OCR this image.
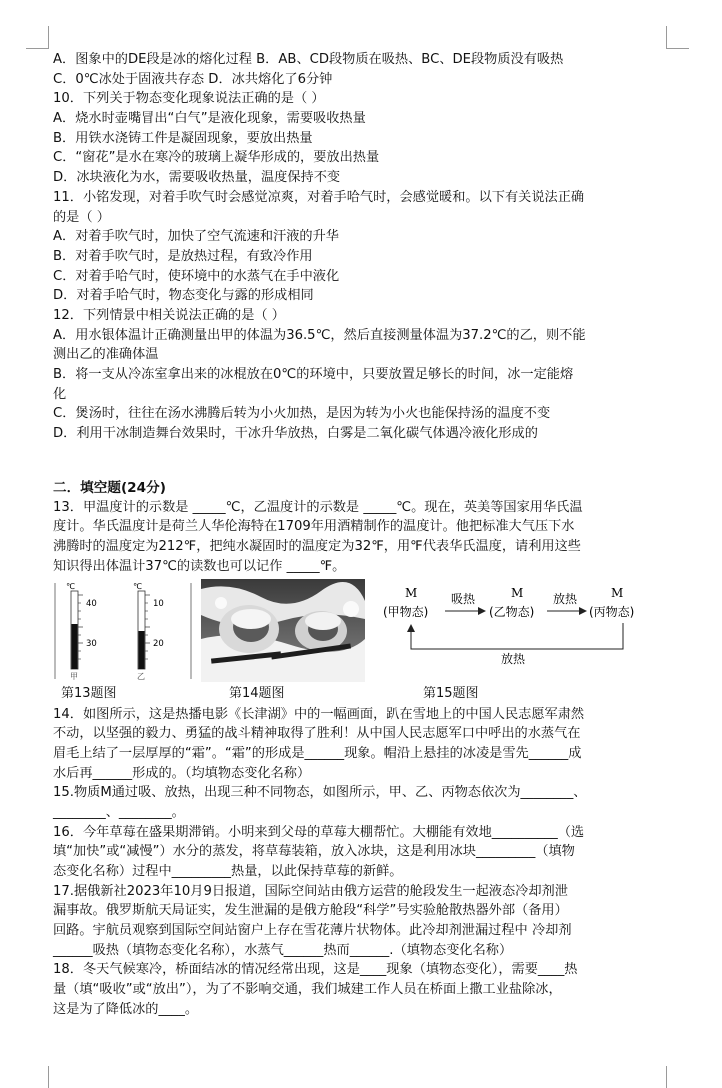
A．图象中的DE段是冰的熔化过程 B．AB、CD段物质在吸热、BC、DE段物质没有吸热
C．0℃冰处于固液共存态 D．冰共熔化了6分钟
10．下列关于物态变化现象说法正确的是（ ）
A．烧水时壶嘴冒出“白气”是液化现象，需要吸收热量
B．用铁水浇铸工件是凝固现象，要放出热量
C．“窗花”是水在寒冷的玻璃上凝华形成的，要放出热量
D．冰块液化为水，需要吸收热量，温度保持不变
11．小铭发现，对着手吹气时会感觉凉爽，对着手哈气时，会感觉暖和。以下有关说法正确
的是（ ）
A．对着手吹气时，加快了空气流速和汗液的升华
B．对着手吹气时，是放热过程，有致冷作用
C．对着手哈气时，使环境中的水蒸气在手中液化
D．对着手哈气时，物态变化与露的形成相同
12．下列情景中相关说法正确的是（ ）
A．用水银体温计正确测量出甲的体温为36.5℃，然后直接测量体温为37.2℃的乙，则不能
测出乙的准确体温
B．将一支从冷冻室拿出来的冰棍放在0℃的环境中，只要放置足够长的时间，冰一定能熔
化
C．煲汤时，往往在汤水沸腾后转为小火加热，是因为转为小火也能保持汤的温度不变
D．利用干冰制造舞台效果时，干冰升华放热，白雾是二氧化碳气体遇冷液化形成的
二．填空题(24分)
13．甲温度计的示数是 _____℃，乙温度计的示数是 _____℃。现在，英美等国家用华氏温
度计。华氏温度计是荷兰人华伦海特在1709年用酒精制作的温度计。他把标准大气压下水
沸腾时的温度定为212℉，把纯水凝固时的温度定为32℉，用℉代表华氏温度，请利用这些
知识得出体温计37℃的读数也可以记作 _____℉。
℃
40
30
甲
℃
10
20
乙
M	M	M
(甲物态)	(乙物态)	(丙物态)
吸热	放热
放热
第13题图	第14题图	第15题图
14．如图所示，这是热播电影《长津湖》中的一幅画面，趴在雪地上的中国人民志愿军肃然
不动，以坚强的毅力、勇猛的战斗精神取得了胜利！从中国人民志愿军口中呼出的水蒸气在
眉毛上结了一层厚厚的“霜”。“霜”的形成是______现象。帽沿上悬挂的冰凌是雪先______成
水后再______形成的。（均填物态变化名称）
15.物质M通过吸、放热，出现三种不同物态，如图所示，甲、乙、丙物态依次为________、
________、________。
16．今年草莓在盛果期滞销。小明来到父母的草莓大棚帮忙。大棚能有效地__________（选
填“加快”或“减慢”）水分的蒸发，将草莓装箱，放入冰块，这是利用冰块_________（填物
态变化名称）过程中_________热量，以此保持草莓的新鲜。
17.据俄新社2023年10月9日报道，国际空间站由俄方运营的舱段发生一起液态冷却剂泄
漏事故。俄罗斯航天局证实，发生泄漏的是俄方舱段“科学”号实验舱散热器外部（备用）
回路。宇航员观察到国际空间站窗户上存在雪花薄片状物体。此冷却剂泄漏过程中 冷却剂
______吸热（填物态变化名称），水蒸气______热而______.（填物态变化名称）
18．冬天气候寒冷，桥面结冰的情况经常出现，这是____现象（填物态变化），需要____热
量（填“吸收”或“放出”），为了不影响交通，我们城建工作人员在桥面上撒工业盐除冰，
这是为了降低冰的____。
